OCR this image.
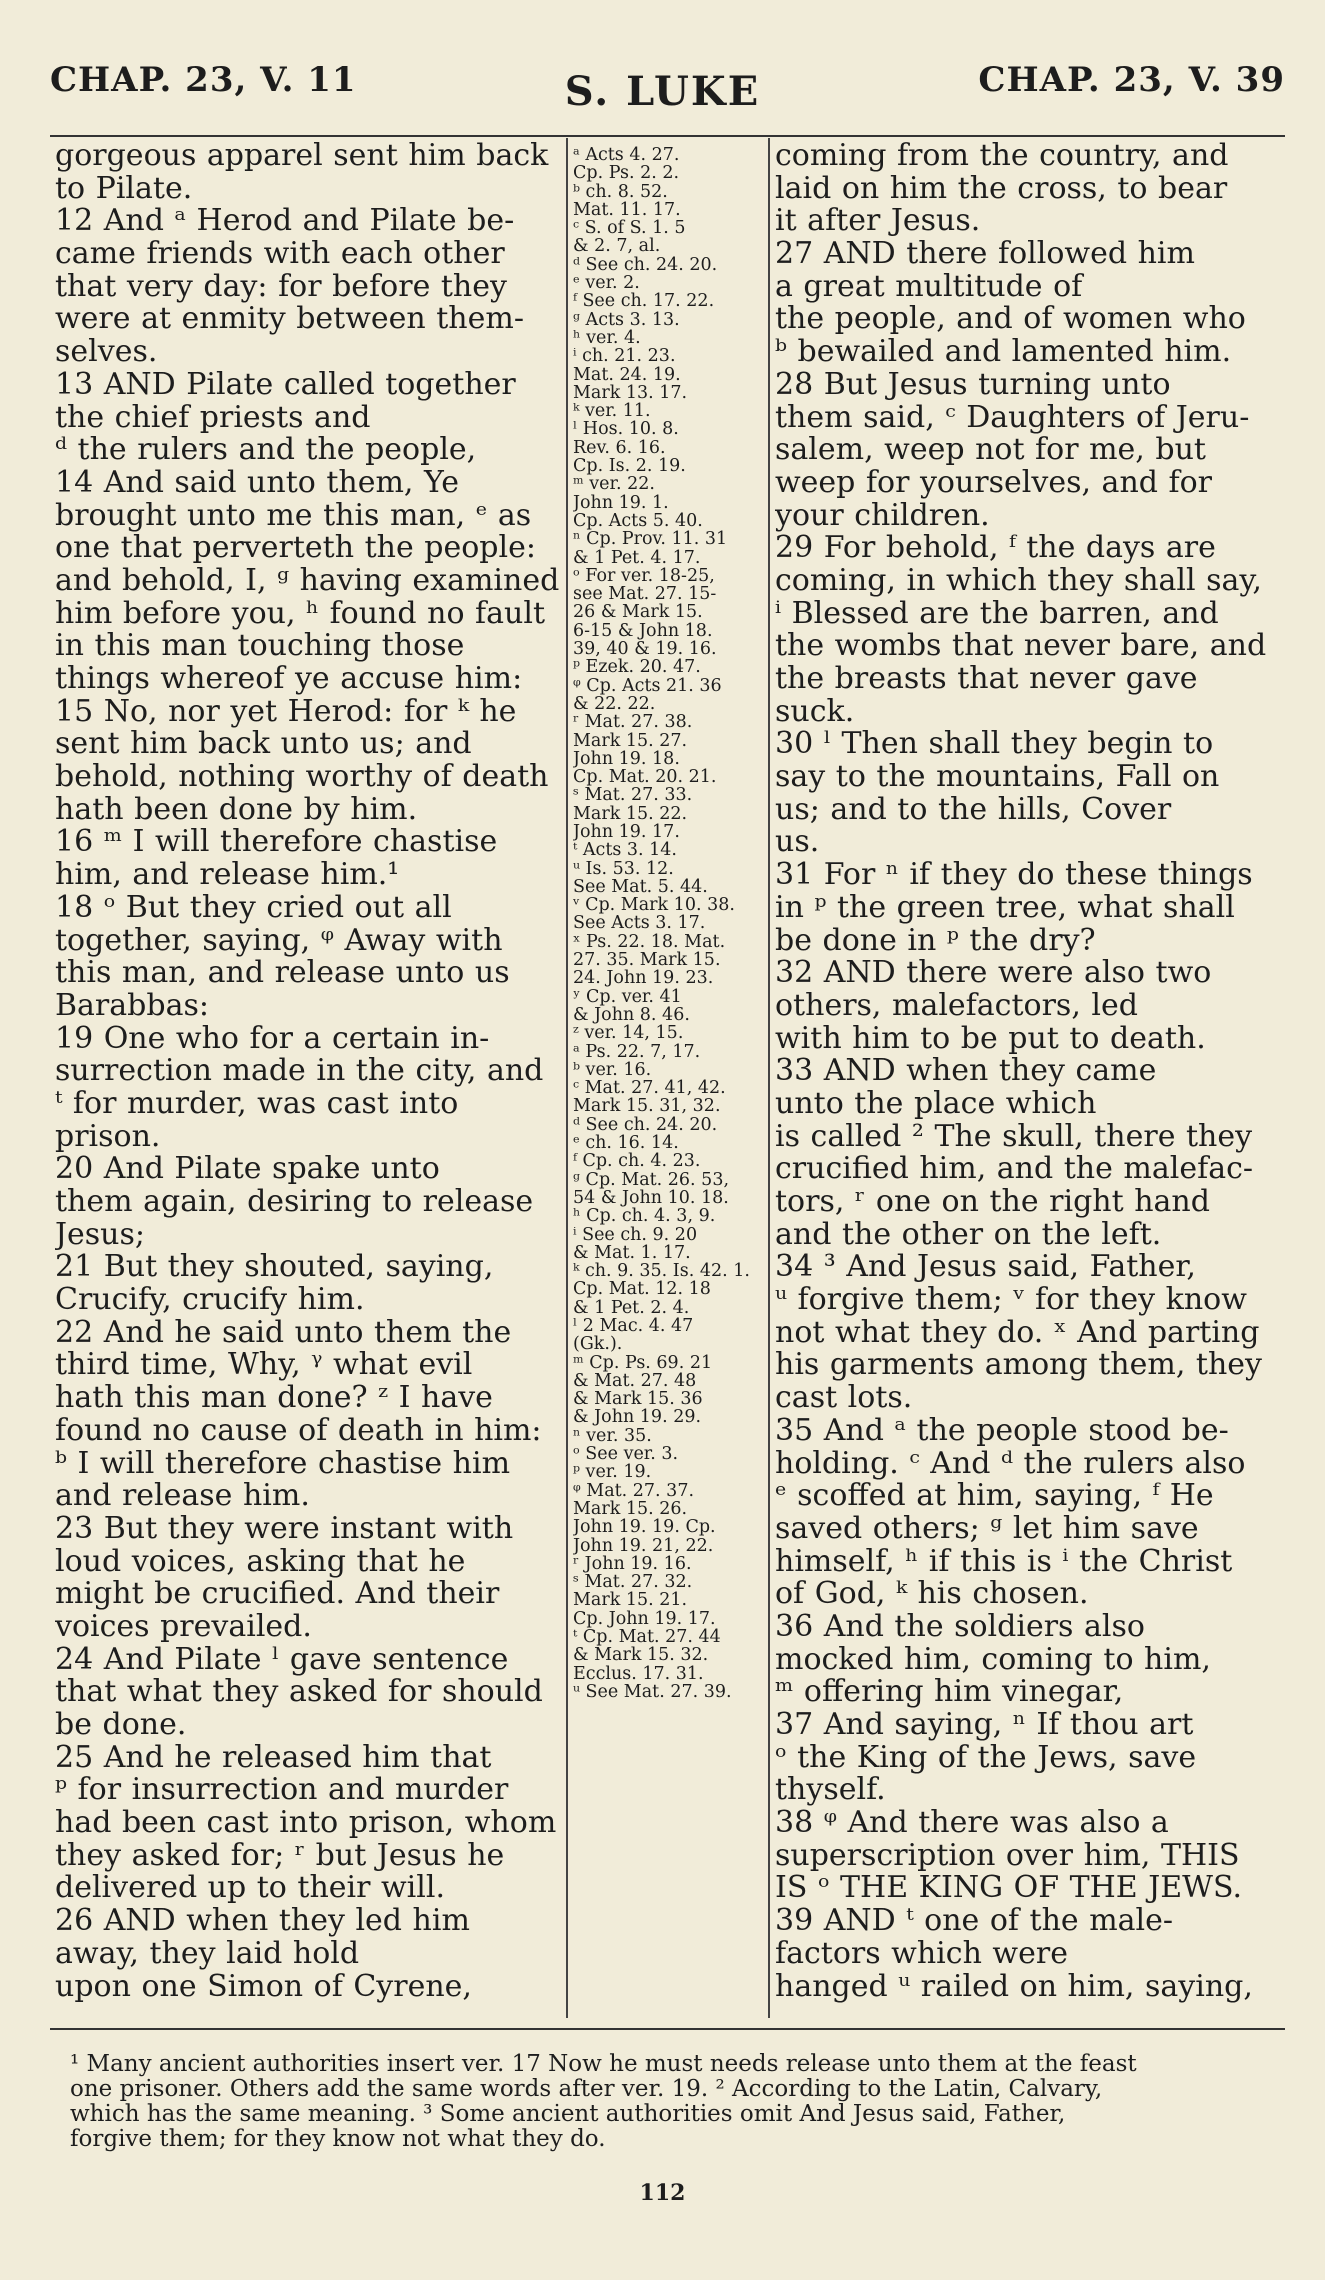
CHAP. 23, V. 11	S. LUKE	CHAP. 23, V. 39
gorgeous apparel sent him back
to Pilate.
12 And ᵃ Herod and Pilate be-
came friends with each other
that very day: for before they
were at enmity between them-
selves.
13 AND Pilate called together
the chief priests and
ᵈ the rulers and the people,
14 And said unto them, Ye
brought unto me this man, ᵉ as
one that perverteth the people:
and behold, I, ᵍ having examined
him before you, ʰ found no fault
in this man touching those
things whereof ye accuse him:
15 No, nor yet Herod: for ᵏ he
sent him back unto us; and
behold, nothing worthy of death
hath been done by him.
16 ᵐ I will therefore chastise
him, and release him.¹
18 ᵒ But they cried out all
together, saying, ᵠ Away with
this man, and release unto us
Barabbas:
19 One who for a certain in-
surrection made in the city, and
ᵗ for murder, was cast into
prison.
20 And Pilate spake unto
them again, desiring to release
Jesus;
21 But they shouted, saying,
Crucify, crucify him.
22 And he said unto them the
third time, Why, ᵞ what evil
hath this man done? ᶻ I have
found no cause of death in him:
ᵇ I will therefore chastise him
and release him.
23 But they were instant with
loud voices, asking that he
might be crucified. And their
voices prevailed.
24 And Pilate ˡ gave sentence
that what they asked for should
be done.
25 And he released him that
ᵖ for insurrection and murder
had been cast into prison, whom
they asked for; ʳ but Jesus he
delivered up to their will.
26 AND when they led him
away, they laid hold
upon one Simon of Cyrene,
ᵃ Acts 4. 27.
Cp. Ps. 2. 2.
ᵇ ch. 8. 52.
Mat. 11. 17.
ᶜ S. of S. 1. 5
& 2. 7, al.
ᵈ See ch. 24. 20.
ᵉ ver. 2.
ᶠ See ch. 17. 22.
ᵍ Acts 3. 13.
ʰ ver. 4.
ⁱ ch. 21. 23.
Mat. 24. 19.
Mark 13. 17.
ᵏ ver. 11.
ˡ Hos. 10. 8.
Rev. 6. 16.
Cp. Is. 2. 19.
ᵐ ver. 22.
John 19. 1.
Cp. Acts 5. 40.
ⁿ Cp. Prov. 11. 31
& 1 Pet. 4. 17.
ᵒ For ver. 18-25,
see Mat. 27. 15-
26 & Mark 15.
6-15 & John 18.
39, 40 & 19. 16.
ᵖ Ezek. 20. 47.
ᵠ Cp. Acts 21. 36
& 22. 22.
ʳ Mat. 27. 38.
Mark 15. 27.
John 19. 18.
Cp. Mat. 20. 21.
ˢ Mat. 27. 33.
Mark 15. 22.
John 19. 17.
ᵗ Acts 3. 14.
ᵘ Is. 53. 12.
See Mat. 5. 44.
ᵛ Cp. Mark 10. 38.
See Acts 3. 17.
ˣ Ps. 22. 18. Mat.
27. 35. Mark 15.
24. John 19. 23.
ʸ Cp. ver. 41
& John 8. 46.
ᶻ ver. 14, 15.
ᵃ Ps. 22. 7, 17.
ᵇ ver. 16.
ᶜ Mat. 27. 41, 42.
Mark 15. 31, 32.
ᵈ See ch. 24. 20.
ᵉ ch. 16. 14.
ᶠ Cp. ch. 4. 23.
ᵍ Cp. Mat. 26. 53,
54 & John 10. 18.
ʰ Cp. ch. 4. 3, 9.
ⁱ See ch. 9. 20
& Mat. 1. 17.
ᵏ ch. 9. 35. Is. 42. 1.
Cp. Mat. 12. 18
& 1 Pet. 2. 4.
ˡ 2 Mac. 4. 47
(Gk.).
ᵐ Cp. Ps. 69. 21
& Mat. 27. 48
& Mark 15. 36
& John 19. 29.
ⁿ ver. 35.
ᵒ See ver. 3.
ᵖ ver. 19.
ᵠ Mat. 27. 37.
Mark 15. 26.
John 19. 19. Cp.
John 19. 21, 22.
ʳ John 19. 16.
ˢ Mat. 27. 32.
Mark 15. 21.
Cp. John 19. 17.
ᵗ Cp. Mat. 27. 44
& Mark 15. 32.
Ecclus. 17. 31.
ᵘ See Mat. 27. 39.
coming from the country, and
laid on him the cross, to bear
it after Jesus.
27 AND there followed him
a great multitude of
the people, and of women who
ᵇ bewailed and lamented him.
28 But Jesus turning unto
them said, ᶜ Daughters of Jeru-
salem, weep not for me, but
weep for yourselves, and for
your children.
29 For behold, ᶠ the days are
coming, in which they shall say,
ⁱ Blessed are the barren, and
the wombs that never bare, and
the breasts that never gave
suck.
30 ˡ Then shall they begin to
say to the mountains, Fall on
us; and to the hills, Cover
us.
31 For ⁿ if they do these things
in ᵖ the green tree, what shall
be done in ᵖ the dry?
32 AND there were also two
others, malefactors, led
with him to be put to death.
33 AND when they came
unto the place which
is called ² The skull, there they
crucified him, and the malefac-
tors, ʳ one on the right hand
and the other on the left.
34 ³ And Jesus said, Father,
ᵘ forgive them; ᵛ for they know
not what they do. ˣ And parting
his garments among them, they
cast lots.
35 And ᵃ the people stood be-
holding. ᶜ And ᵈ the rulers also
ᵉ scoffed at him, saying, ᶠ He
saved others; ᵍ let him save
himself, ʰ if this is ⁱ the Christ
of God, ᵏ his chosen.
36 And the soldiers also
mocked him, coming to him,
ᵐ offering him vinegar,
37 And saying, ⁿ If thou art
ᵒ the King of the Jews, save
thyself.
38 ᵠ And there was also a
superscription over him, THIS
IS ᵒ THE KING OF THE JEWS.
39 AND ᵗ one of the male-
factors which were
hanged ᵘ railed on him, saying,
¹ Many ancient authorities insert ver. 17 Now he must needs release unto them at the feast
one prisoner. Others add the same words after ver. 19. ² According to the Latin, Calvary,
which has the same meaning. ³ Some ancient authorities omit And Jesus said, Father,
forgive them; for they know not what they do.
112
